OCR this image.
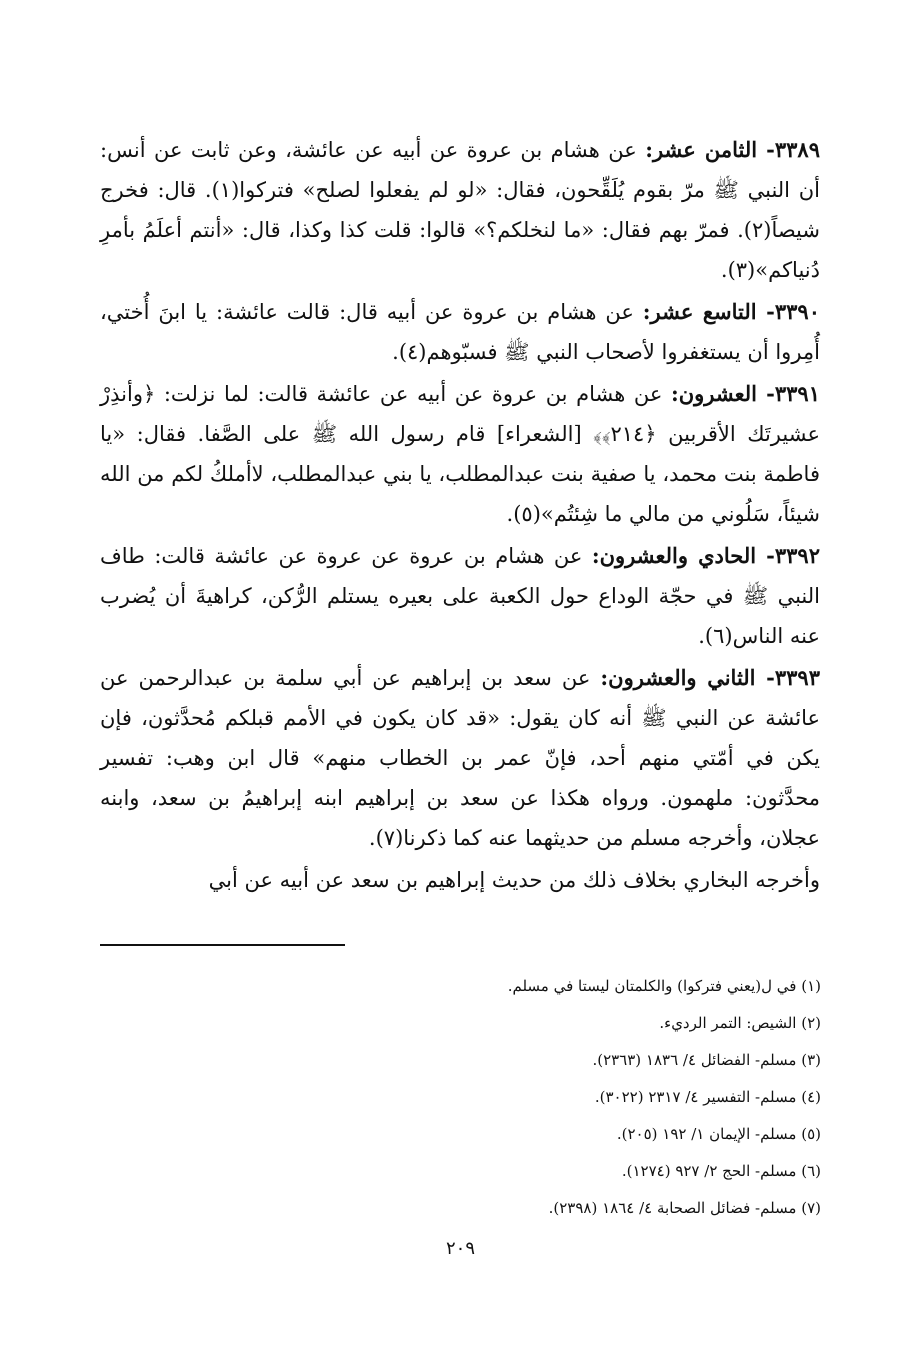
٣٣٨٩- الثامن عشر: عن هشام بن عروة عن أبيه عن عائشة، وعن ثابت عن أنس: أن النبي ﷺ مرّ بقوم يُلَقِّحون، فقال: «لو لم يفعلوا لصلح» فتركوا(١). قال: فخرج شيصاً(٢). فمرّ بهم فقال: «ما لنخلكم؟» قالوا: قلت كذا وكذا، قال: «أنتم أعلَمُ بأمرِ دُنياكم»(٣).

٣٣٩٠- التاسع عشر: عن هشام بن عروة عن أبيه قال: قالت عائشة: يا ابنَ أُختي، أُمِروا أن يستغفروا لأصحاب النبي ﷺ فسبّوهم(٤).

٣٣٩١- العشرون: عن هشام بن عروة عن أبيه عن عائشة قالت: لما نزلت: ﴿وأنذِرْ عشيرتَك الأقربين ﴿٢١٤﴾﴾ [الشعراء] قام رسول الله ﷺ على الصَّفا. فقال: «يا فاطمة بنت محمد، يا صفية بنت عبدالمطلب، يا بني عبدالمطلب، لاأملكُ لكم من الله شيئاً، سَلُوني من مالي ما شِئتُم»(٥).

٣٣٩٢- الحادي والعشرون: عن هشام بن عروة عن عروة عن عائشة قالت: طاف النبي ﷺ في حجّة الوداع حول الكعبة على بعيره يستلم الرُّكن، كراهيةَ أن يُضرب عنه الناس(٦).

٣٣٩٣- الثاني والعشرون: عن سعد بن إبراهيم عن أبي سلمة بن عبدالرحمن عن عائشة عن النبي ﷺ أنه كان يقول: «قد كان يكون في الأمم قبلكم مُحدَّثون، فإن يكن في أمّتي منهم أحد، فإنّ عمر بن الخطاب منهم» قال ابن وهب: تفسير محدَّثون: ملهمون. ورواه هكذا عن سعد بن إبراهيم ابنه إبراهيمُ بن سعد، وابنه عجلان، وأخرجه مسلم من حديثهما عنه كما ذكرنا(٧).

وأخرجه البخاري بخلاف ذلك من حديث إبراهيم بن سعد عن أبيه عن أبي

(١) في ل(يعني فتركوا) والكلمتان ليستا في مسلم.
(٢) الشيص: التمر الرديء.
(٣) مسلم- الفضائل ٤/ ١٨٣٦ (٢٣٦٣).
(٤) مسلم- التفسير ٤/ ٢٣١٧ (٣٠٢٢).
(٥) مسلم- الإيمان ١/ ١٩٢ (٢٠٥).
(٦) مسلم- الحج ٢/ ٩٢٧ (١٢٧٤).
(٧) مسلم- فضائل الصحابة ٤/ ١٨٦٤ (٢٣٩٨).
٢٠٩
